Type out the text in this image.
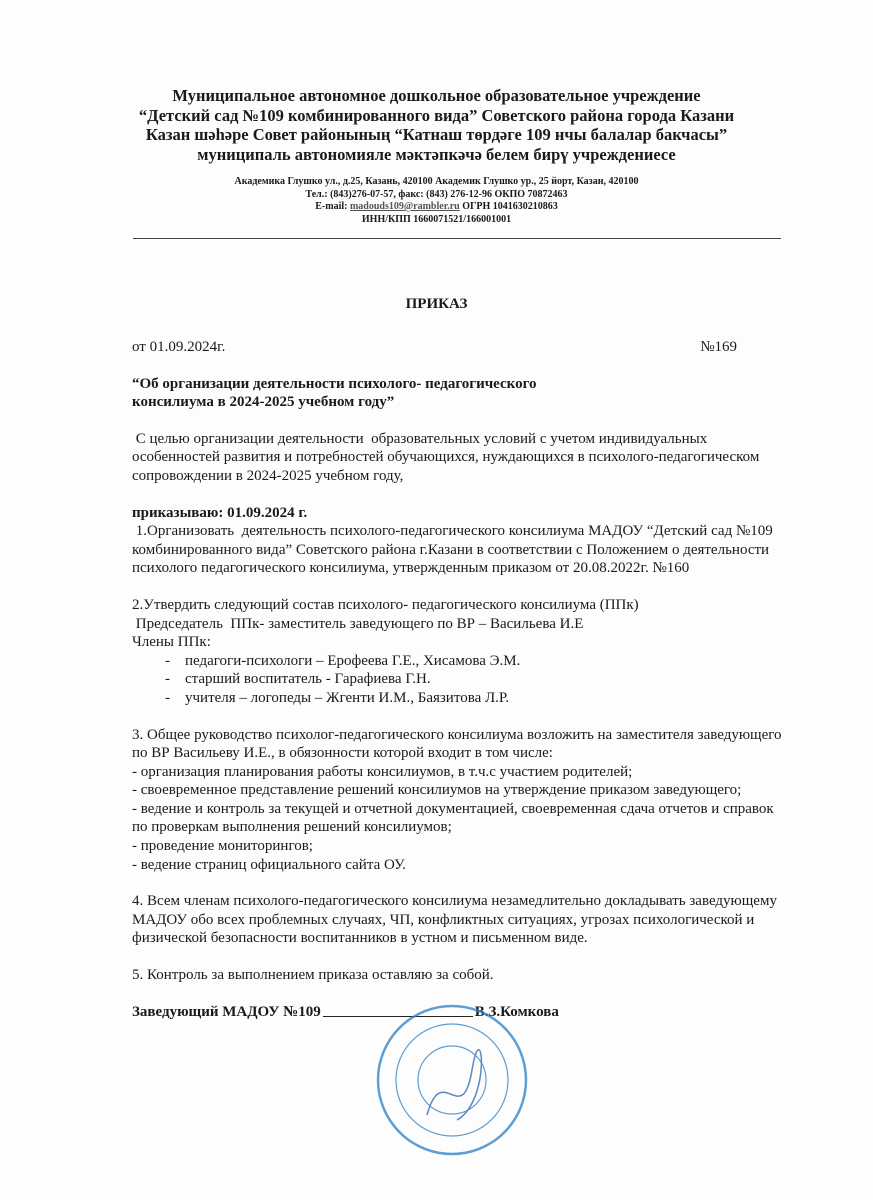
Муниципальное автономное дошкольное образовательное учреждение
“Детский сад №109 комбинированного вида” Советского района города Казани
Казан шәһәре Совет районының “Катнаш төрдәге 109 нчы балалар бакчасы”
муниципаль автономияле мәктәпкәчә белем бирү учреждениесе
Академика Глушко ул., д.25, Казань, 420100 Академик Глушко ур., 25 йорт, Казан, 420100
Тел.: (843)276-07-57, факс: (843) 276-12-96 ОКПО 70872463
E-mail: madouds109@rambler.ru ОГРН 1041630210863
ИНН/КПП 1660071521/166001001
ПРИКАЗ
от 01.09.2024г.	№169

“Об организации деятельности психолого- педагогического

консилиума в 2024-2025 учебном году”

С целью организации деятельности  образовательных условий с учетом индивидуальных особенностей развития и потребностей обучающихся, нуждающихся в психолого-педагогическом сопровождении в 2024-2025 учебном году,

приказываю: 01.09.2024 г.

1.Организовать  деятельность психолого-педагогического консилиума МАДОУ “Детский сад №109 комбинированного вида” Советского района г.Казани в соответствии с Положением о деятельности психолого педагогического консилиума, утвержденным приказом от 20.08.2022г. №160

2.Утвердить следующий состав психолого- педагогического консилиума (ППк)

Председатель  ППк- заместитель заведующего по ВР – Васильева И.Е

Члены ППк:

- педагоги-психологи – Ерофеева Г.Е., Хисамова Э.М.
- старший воспитатель - Гарафиева Г.Н.
- учителя – логопеды – Жгенти И.М., Баязитова Л.Р.

3. Общее руководство психолог-педагогического консилиума возложить на заместителя заведующего по ВР Васильеву И.Е., в обязонности которой входит в том числе:

- организация планирования работы консилиумов, в т.ч.с участием родителей;

- своевременное представление решений консилиумов на утверждение приказом заведующего;

- ведение и контроль за текущей и отчетной документацией, своевременная сдача отчетов и справок по проверкам выполнения решений консилиумов;

- проведение мониторингов;

- ведение страниц официального сайта ОУ.

4. Всем членам психолого-педагогического консилиума незамедлительно докладывать заведующему МАДОУ обо всех проблемных случаях, ЧП, конфликтных ситуациях, угрозах психологической и физической безопасности воспитанников в устном и письменном виде.

5. Контроль за выполнением приказа оставляю за собой.

Заведующий МАДОУ №109	В.З.Комкова
